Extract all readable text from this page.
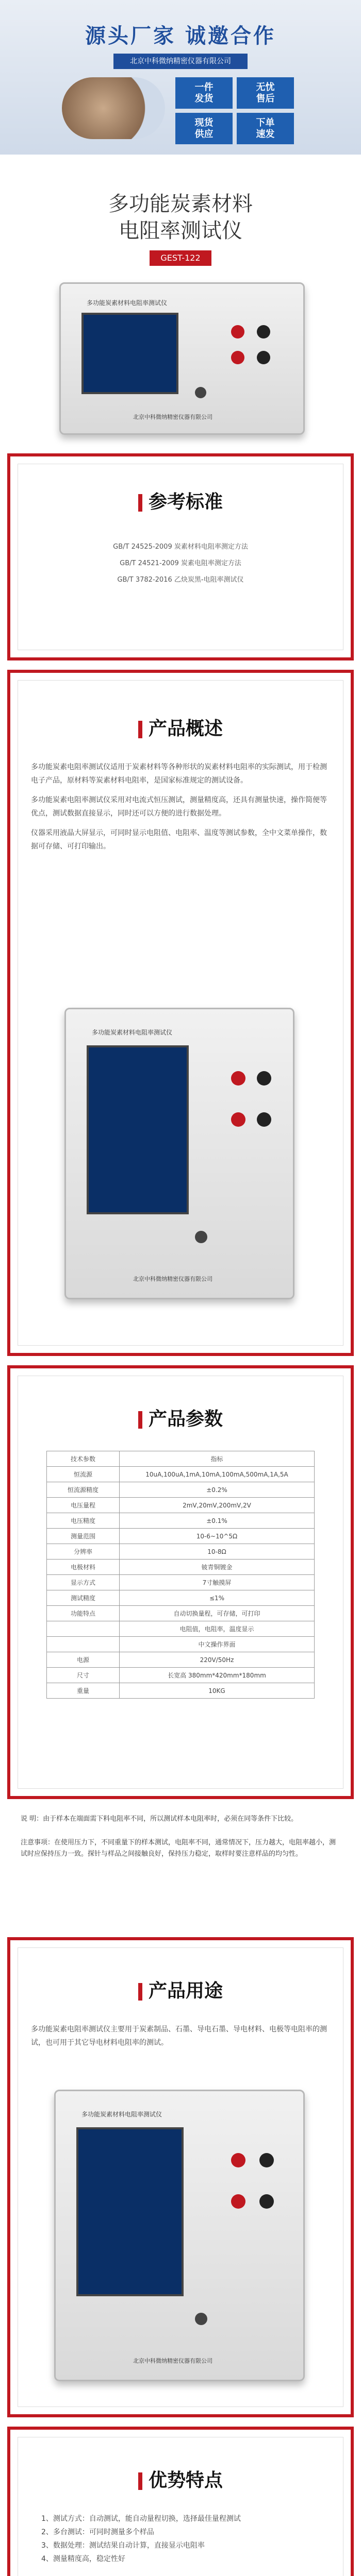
源头厂家 诚邀合作
北京中科微纳精密仪器有限公司
一件
发货
无忧
售后
现货
供应
下单
速发
多功能炭素材料
电阻率测试仪
GEST-122
多功能炭素材料电阻率测试仪
北京中科微纳精密仪器有限公司
参考标准
GB/T 24525-2009 炭素材料电阻率测定方法
GB/T 24521-2009 炭素电阻率测定方法
GB/T 3782-2016 乙炔炭黑-电阻率测试仪
产品概述

多功能炭素电阻率测试仪适用于炭素材料等各种形状的炭素材料电阻率的实际测试，用于检测电子产品，原材料等炭素材料电阻率，是国家标准规定的测试设备。

多功能炭素电阻率测试仪采用对电流式恒压测试，测量精度高，还具有测量快速，操作简便等优点，测试数据直接显示，同时还可以方便的进行数据处理。

仪器采用液晶大屏显示，可同时显示电阻值、电阻率、温度等测试参数，全中文菜单操作，数据可存储、可打印输出。

多功能炭素材料电阻率测试仪
北京中科微纳精密仪器有限公司
产品参数
技术参数	指标
恒流源	10uA,100uA,1mA,10mA,100mA,500mA,1A,5A
恒流源精度	±0.2%
电压量程	2mV,20mV,200mV,2V
电压精度	±0.1%
测量范围	10-6~10^5Ω
分辨率	10-8Ω
电极材料	铍青铜镀金
显示方式	7寸触摸屏
测试精度	≤1%
功能特点	自动切换量程，可存储，可打印
	电阻值，电阻率，温度显示
	中文操作界面
电源	220V/50Hz
尺寸	长宽高 380mm*420mm*180mm
重量	10KG

说 明：由于样本在端面需下料电阻率不同，所以测试样本电阻率时，必须在同等条件下比较。

注意事项：在使用压力下，不同重量下的样本测试，电阻率不同，通常情况下，压力越大，电阻率越小，测试时应保持压力一致。探针与样品之间接触良好，保持压力稳定，取样时要注意样品的均匀性。

产品用途

多功能炭素电阻率测试仪主要用于炭素制品、石墨、导电石墨、导电材料、电极等电阻率的测试，也可用于其它导电材料电阻率的测试。

多功能炭素材料电阻率测试仪
北京中科微纳精密仪器有限公司
优势特点
1、测试方式：自动测试，能自动量程切换，选择最佳量程测试
2、多台测试：可同时测量多个样品
3、数据处理：测试结果自动计算，直接显示电阻率
4、测量精度高，稳定性好
